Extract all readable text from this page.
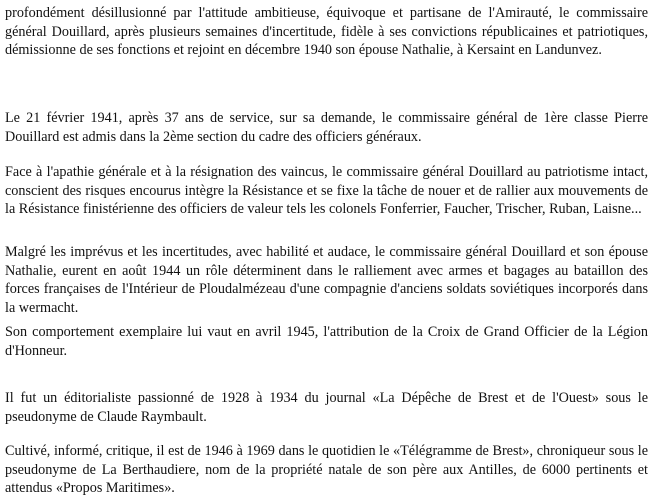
profondément désillusionné par l'attitude ambitieuse, équivoque et partisane de l'Amirauté, le commissaire général Douillard, après plusieurs semaines d'incertitude, fidèle à ses convictions républicaines et patriotiques, démissionne de ses fonctions et rejoint en décembre 1940 son épouse Nathalie, à Kersaint en Landunvez.

Le 21 février 1941, après 37 ans de service, sur sa demande, le commissaire général de 1ère classe Pierre Douillard est admis dans la 2ème section du cadre des officiers généraux.

Face à l'apathie générale et à la résignation des vaincus, le commissaire général Douillard au patriotisme intact, conscient des risques encourus intègre la Résistance et se fixe la tâche de nouer et de rallier aux mouvements de la Résistance finistérienne des officiers de valeur tels les colonels Fonferrier, Faucher, Trischer, Ruban, Laisne...

Malgré les imprévus et les incertitudes, avec habilité et audace, le commissaire général Douillard et son épouse Nathalie, eurent en août 1944 un rôle déterminent dans le ralliement avec armes et bagages au bataillon des forces françaises de l'Intérieur de Ploudalmézeau d'une compagnie d'anciens soldats soviétiques incorporés dans la wermacht.

Son comportement exemplaire lui vaut en avril 1945, l'attribution de la Croix de Grand Officier de la Légion d'Honneur.

Il fut un éditorialiste passionné de 1928 à 1934 du journal «La Dépêche de Brest et de l'Ouest» sous le pseudonyme de Claude Raymbault.

Cultivé, informé, critique, il est de 1946 à 1969 dans le quotidien le «Télégramme de Brest», chroniqueur sous le pseudonyme de La Berthaudiere, nom de la propriété natale de son père aux Antilles, de 6000 pertinents et attendus «Propos Maritimes».
